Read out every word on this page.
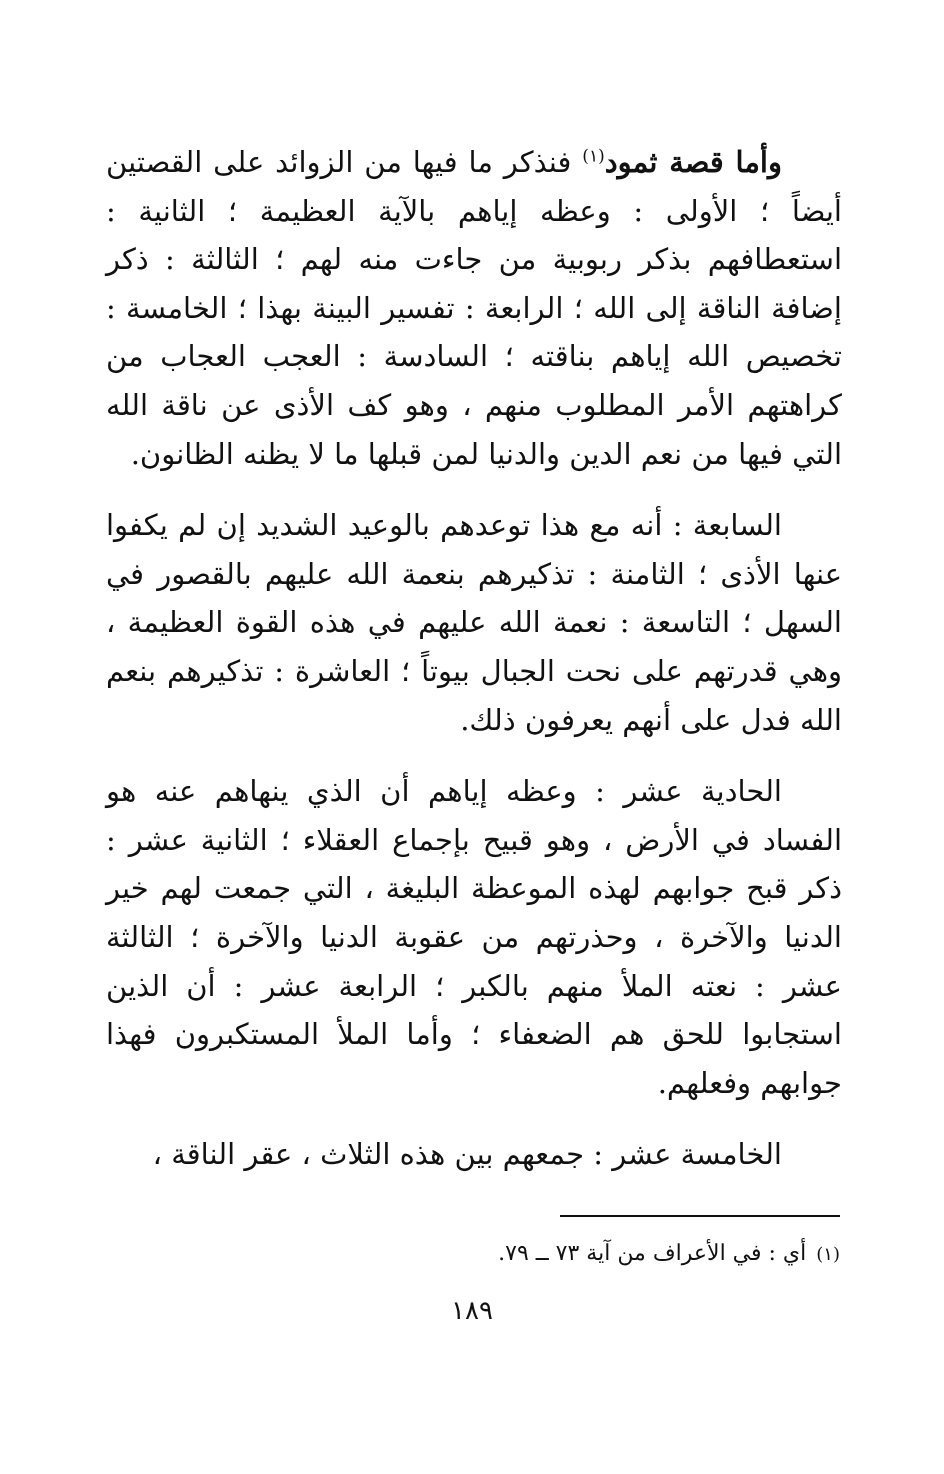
وأما قصة ثمود$^{(١)}$ فنذكر ما فيها من الزوائد على القصتين أيضاً ؛ الأولى : وعظه إياهم بالآية العظيمة ؛ الثانية : استعطافهم بذكر ربوبية من جاءت منه لهم ؛ الثالثة : ذكر إضافة الناقة إلى الله ؛ الرابعة : تفسير البينة بهذا ؛ الخامسة : تخصيص الله إياهم بناقته ؛ السادسة : العجب العجاب من كراهتهم الأمر المطلوب منهم ، وهو كف الأذى عن ناقة الله التي فيها من نعم الدين والدنيا لمن قبلها ما لا يظنه الظانون.

السابعة : أنه مع هذا توعدهم بالوعيد الشديد إن لم يكفوا عنها الأذى ؛ الثامنة : تذكيرهم بنعمة الله عليهم بالقصور في السهل ؛ التاسعة : نعمة الله عليهم في هذه القوة العظيمة ، وهي قدرتهم على نحت الجبال بيوتاً ؛ العاشرة : تذكيرهم بنعم الله فدل على أنهم يعرفون ذلك.

الحادية عشر : وعظه إياهم أن الذي ينهاهم عنه هو الفساد في الأرض ، وهو قبيح بإجماع العقلاء ؛ الثانية عشر : ذكر قبح جوابهم لهذه الموعظة البليغة ، التي جمعت لهم خير الدنيا والآخرة ، وحذرتهم من عقوبة الدنيا والآخرة ؛ الثالثة عشر : نعته الملأ منهم بالكبر ؛ الرابعة عشر : أن الذين استجابوا للحق هم الضعفاء ؛ وأما الملأ المستكبرون فهذا جوابهم وفعلهم.

الخامسة عشر : جمعهم بين هذه الثلاث ، عقر الناقة ،

(١)أي : في الأعراف من آية ٧٣ ــ ٧٩.
١٨٩
